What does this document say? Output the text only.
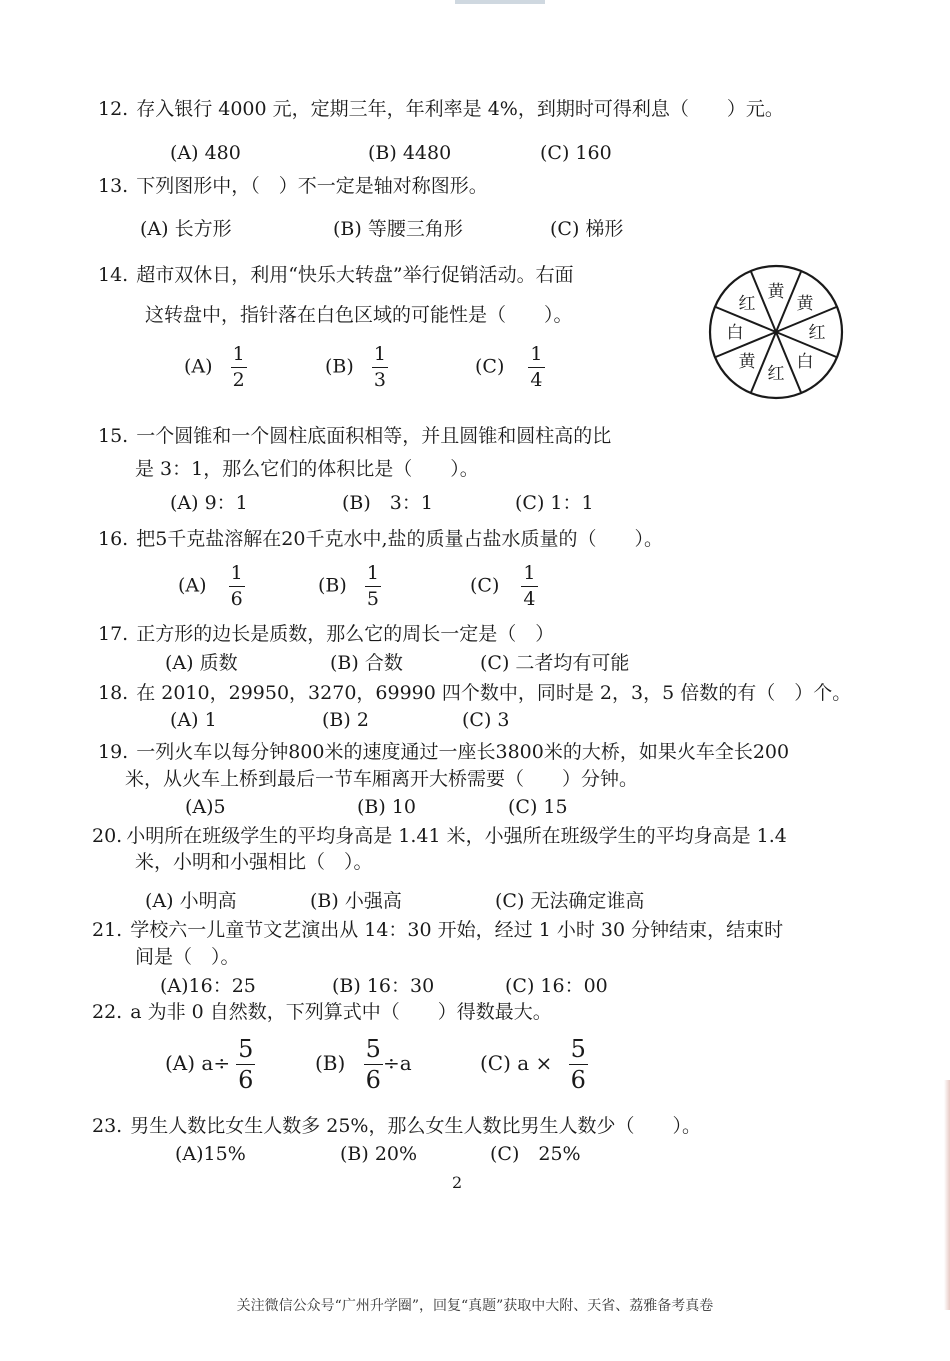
12. 存入银行 4000 元，定期三年，年利率是 4%，到期时可得利息（　　）元。
(A) 480	(B) 4480	(C) 160
13. 下列图形中，（　）不一定是轴对称图形。
(A) 长方形	(B) 等腰三角形	(C) 梯形
14. 超市双休日，利用“快乐大转盘”举行促销活动。右面
这转盘中，指针落在白色区域的可能性是（　　）。
$(A) \frac{1}{2}$	$(B) \frac{1}{3}$	$(C) \frac{1}{4}$
黄
黄
红
白
红
黄
白
红
15. 一个圆锥和一个圆柱底面积相等，并且圆锥和圆柱高的比
是 3：1，那么它们的体积比是（　　）。
(A) 9：1	(B)　3：1	(C) 1：1
16. 把5千克盐溶解在20千克水中,盐的质量占盐水质量的（　　）。
$(A) \frac{1}{6}$	$(B) \frac{1}{5}$	$(C) \frac{1}{4}$
17. 正方形的边长是质数，那么它的周长一定是（　）
(A) 质数	(B) 合数	(C) 二者均有可能
18. 在 2010，29950，3270，69990 四个数中，同时是 2，3，5 倍数的有（　）个。
(A) 1	(B) 2	(C) 3
19. 一列火车以每分钟800米的速度通过一座长3800米的大桥，如果火车全长200
米，从火车上桥到最后一节车厢离开大桥需要（　　）分钟。
(A)5	(B) 10	(C) 15
20. 小明所在班级学生的平均身高是 1.41 米，小强所在班级学生的平均身高是 1.4
米，小明和小强相比（　）。
(A) 小明高	(B) 小强高	(C) 无法确定谁高
21. 学校六一儿童节文艺演出从 14：30 开始，经过 1 小时 30 分钟结束，结束时
间是（　）。
(A)16：25	(B) 16：30	(C) 16：00
22. a 为非 0 自然数，下列算式中（　　）得数最大。
(A) $a\div \frac{5}{6}$	$(B) \frac{5}{6} \div a$	(C) $a \times \frac{5}{6}$
23. 男生人数比女生人数多 25%，那么女生人数比男生人数少（　　）。
(A)15%	(B) 20%	(C)　25%
2
关注微信公众号“广州升学圈”，回复“真题”获取中大附、天省、荔雅备考真卷
